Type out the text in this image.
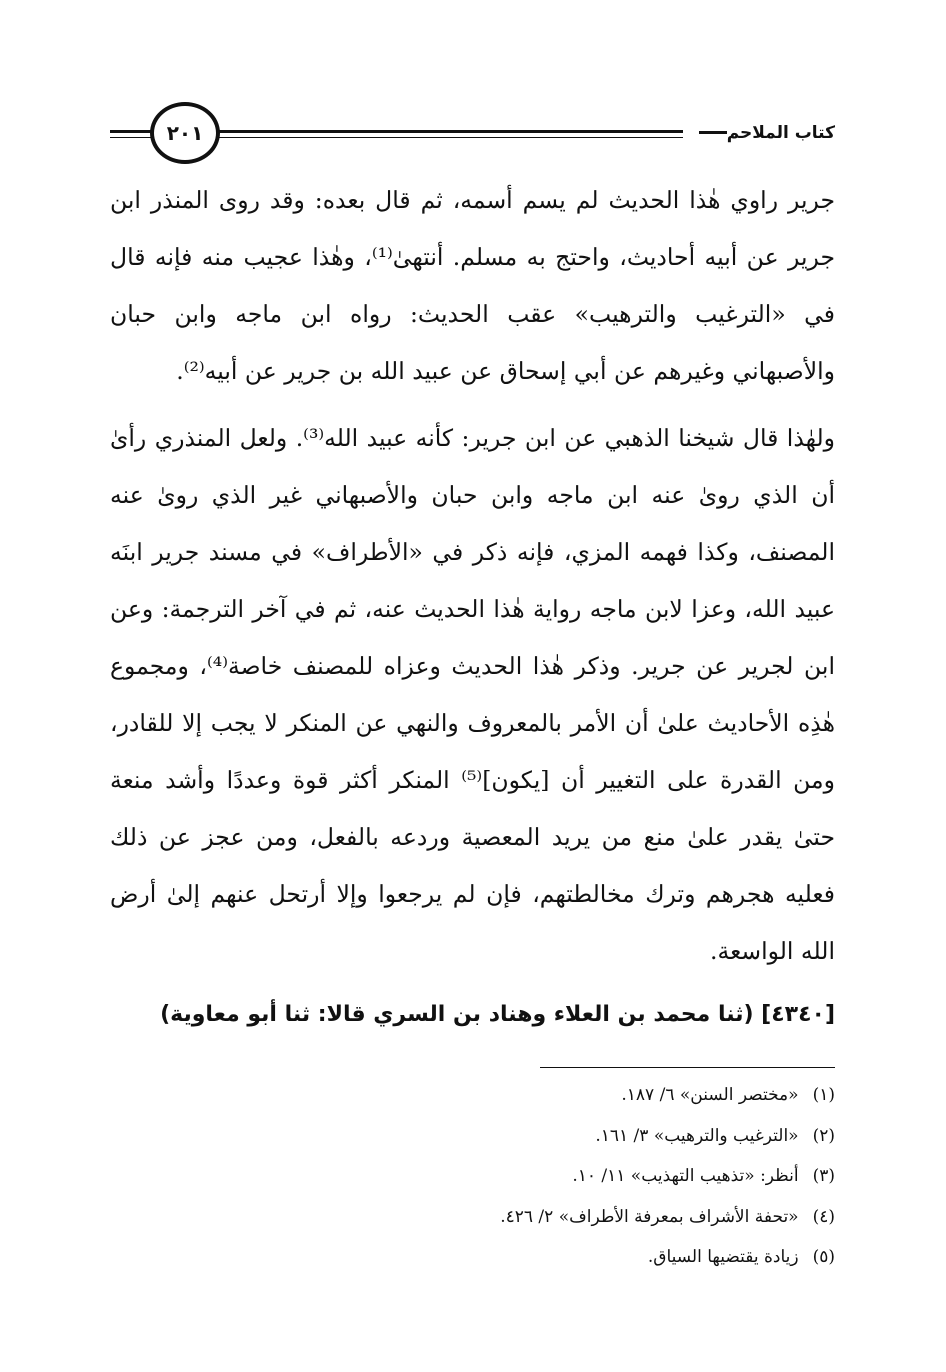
كتاب الملاحم
٢٠١

جرير راوي هٰذا الحديث لم يسم أسمه، ثم قال بعده: وقد روى المنذر ابن جرير عن أبيه أحاديث، واحتج به مسلم. أنتهىٰ⁽¹⁾، وهٰذا عجيب منه فإنه قال في «الترغيب والترهيب» عقب الحديث: رواه ابن ماجه وابن حبان والأصبهاني وغيرهم عن أبي إسحاق عن عبيد الله بن جرير عن أبيه⁽²⁾.

ولهٰذا قال شيخنا الذهبي عن ابن جرير: كأنه عبيد الله⁽³⁾. ولعل المنذري رأىٰ أن الذي روىٰ عنه ابن ماجه وابن حبان والأصبهاني غير الذي روىٰ عنه المصنف، وكذا فهمه المزي، فإنه ذكر في «الأطراف» في مسند جرير ابنَه عبيد الله، وعزا لابن ماجه رواية هٰذا الحديث عنه، ثم في آخر الترجمة: وعن ابن لجرير عن جرير. وذكر هٰذا الحديث وعزاه للمصنف خاصة⁽⁴⁾، ومجموع هٰذِه الأحاديث علىٰ أن الأمر بالمعروف والنهي عن المنكر لا يجب إلا للقادر، ومن القدرة على التغيير أن [يكون]⁽⁵⁾ المنكر أكثر قوة وعددًا وأشد منعة حتىٰ يقدر علىٰ منع من يريد المعصية وردعه بالفعل، ومن عجز عن ذلك فعليه هجرهم وترك مخالطتهم، فإن لم يرجعوا وإلا أرتحل عنهم إلىٰ أرض الله الواسعة.

[٤٣٤٠] (ثنا محمد بن العلاء وهناد بن السري قالا: ثنا أبو معاوية)

(١)«مختصر السنن» ٦/ ١٨٧.
(٢)«الترغيب والترهيب» ٣/ ١٦١.
(٣)أنظر: «تذهيب التهذيب» ١١/ ١٠.
(٤)«تحفة الأشراف بمعرفة الأطراف» ٢/ ٤٢٦.
(٥)زيادة يقتضيها السياق.
